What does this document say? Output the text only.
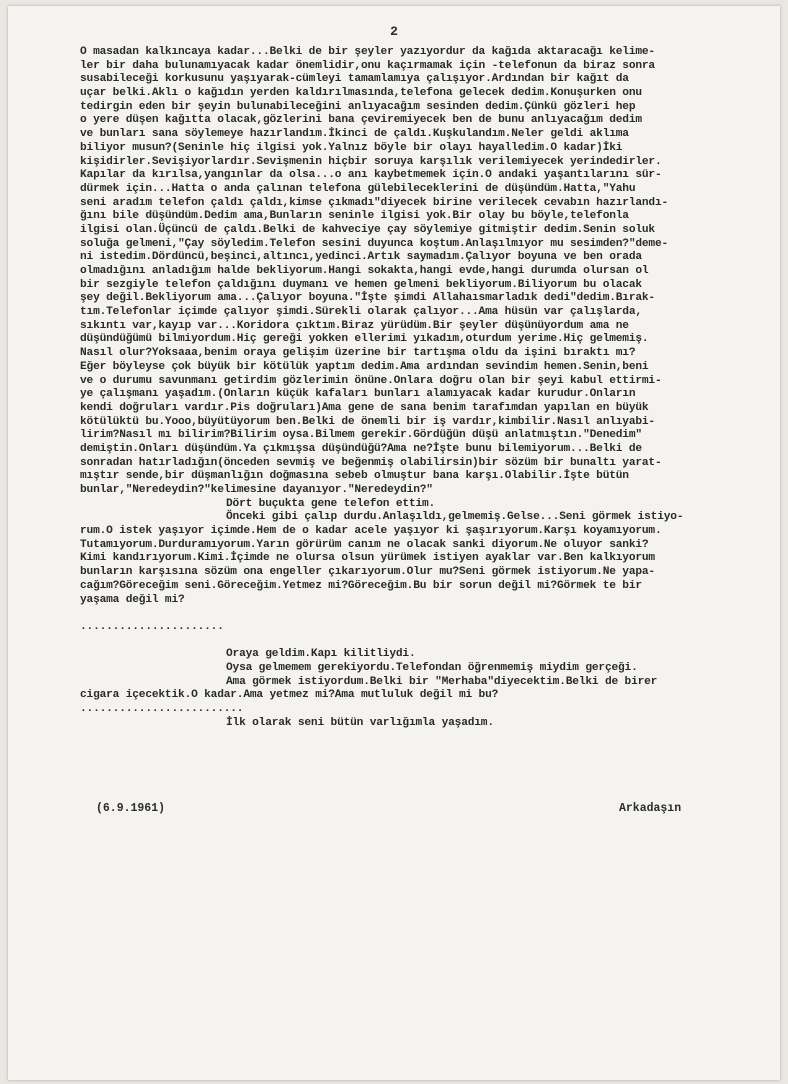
2
O masadan kalkıncaya kadar...Belki de bir şeyler yazıyordur da kağıda aktaracağı kelime-
ler bir daha bulunamıyacak kadar önemlidir,onu kaçırmamak için -telefonun da biraz sonra
susabileceği korkusunu yaşıyarak-cümleyi tamamlamıya çalışıyor.Ardından bir kağıt da
uçar belki.Aklı o kağıdın yerden kaldırılmasında,telefona gelecek dedim.Konuşurken onu
tedirgin eden bir şeyin bulunabileceğini anlıyacağım sesinden dedim.Çünkü gözleri hep
o yere düşen kağıtta olacak,gözlerini bana çeviremiyecek ben de bunu anlıyacağım dedim
ve bunları sana söylemeye hazırlandım.İkinci de çaldı.Kuşkulandım.Neler geldi aklıma
biliyor musun?(Seninle hiç ilgisi yok.Yalnız böyle bir olayı hayalledim.O kadar)İki
kişidirler.Sevişiyorlardır.Sevişmenin hiçbir soruya karşılık verilemiyecek yerindedirler.
Kapılar da kırılsa,yangınlar da olsa...o anı kaybetmemek için.O andaki yaşantılarını sür-
dürmek için...Hatta o anda çalınan telefona gülebileceklerini de düşündüm.Hatta,"Yahu
seni aradım telefon çaldı çaldı,kimse çıkmadı"diyecek birine verilecek cevabın hazırlandı-
ğını bile düşündüm.Dedim ama,Bunların seninle ilgisi yok.Bir olay bu böyle,telefonla
ilgisi olan.Üçüncü de çaldı.Belki de kahveciye çay söylemiye gitmiştir dedim.Senin soluk
soluğa gelmeni,"Çay söyledim.Telefon sesini duyunca koştum.Anlaşılmıyor mu sesimden?"deme-
ni istedim.Dördüncü,beşinci,altıncı,yedinci.Artık saymadım.Çalıyor boyuna ve ben orada
olmadığını anladığım halde bekliyorum.Hangi sokakta,hangi evde,hangi durumda olursan ol
bir sezgiyle telefon çaldığını duymanı ve hemen gelmeni bekliyorum.Biliyorum bu olacak
şey değil.Bekliyorum ama...Çalıyor boyuna."İşte şimdi Allahaısmarladık dedi"dedim.Bırak-
tım.Telefonlar içimde çalıyor şimdi.Sürekli olarak çalıyor...Ama hüsün var çalışlarda,
sıkıntı var,kayıp var...Koridora çıktım.Biraz yürüdüm.Bir şeyler düşünüyordum ama ne
düşündüğümü bilmiyordum.Hiç gereği yokken ellerimi yıkadım,oturdum yerime.Hiç gelmemiş.
Nasıl olur?Yoksaaa,benim oraya gelişim üzerine bir tartışma oldu da işini bıraktı mı?
Eğer böyleyse çok büyük bir kötülük yaptım dedim.Ama ardından sevindim hemen.Senin,beni
ve o durumu savunmanı getirdim gözlerimin önüne.Onlara doğru olan bir şeyi kabul ettirmi-
ye çalışmanı yaşadım.(Onların küçük kafaları bunları alamıyacak kadar kurudur.Onların
kendi doğruları vardır.Pis doğruları)Ama gene de sana benim tarafımdan yapılan en büyük
kötülüktü bu.Yooo,büyütüyorum ben.Belki de önemli bir iş vardır,kimbilir.Nasıl anlıyabi-
lirim?Nasıl mı bilirim?Bilirim oysa.Bilmem gerekir.Gördüğün düşü anlatmıştın."Denedim"
demiştin.Onları düşündüm.Ya çıkmışsa düşündüğü?Ama ne?İşte bunu bilemiyorum...Belki de
sonradan hatırladığın(önceden sevmiş ve beğenmiş olabilirsin)bir sözüm bir bunaltı yarat-
mıştır sende,bir düşmanlığın doğmasına sebeb olmuştur bana karşı.Olabilir.İşte bütün
bunlar,"Neredeydin?"kelimesine dayanıyor."Neredeydin?"
Dört buçukta gene telefon ettim.
Önceki gibi çalıp durdu.Anlaşıldı,gelmemiş.Gelse...Seni görmek istiyo-
rum.O istek yaşıyor içimde.Hem de o kadar acele yaşıyor ki şaşırıyorum.Karşı koyamıyorum.
Tutamıyorum.Durduramıyorum.Yarın görürüm canım ne olacak sanki diyorum.Ne oluyor sanki?
Kimi kandırıyorum.Kimi.İçimde ne olursa olsun yürümek istiyen ayaklar var.Ben kalkıyorum
bunların karşısına sözüm ona engeller çıkarıyorum.Olur mu?Seni görmek istiyorum.Ne yapa-
cağım?Göreceğim seni.Göreceğim.Yetmez mi?Göreceğim.Bu bir sorun değil mi?Görmek te bir
yaşama değil mi?
......................
Oraya geldim.Kapı kilitliydi.
Oysa gelmemem gerekiyordu.Telefondan öğrenmemiş miydim gerçeği.
Ama görmek istiyordum.Belki bir "Merhaba"diyecektim.Belki de birer
cigara içecektik.O kadar.Ama yetmez mi?Ama mutluluk değil mi bu?
.........................
İlk olarak seni bütün varlığımla yaşadım.
(6.9.1961)	Arkadaşın
